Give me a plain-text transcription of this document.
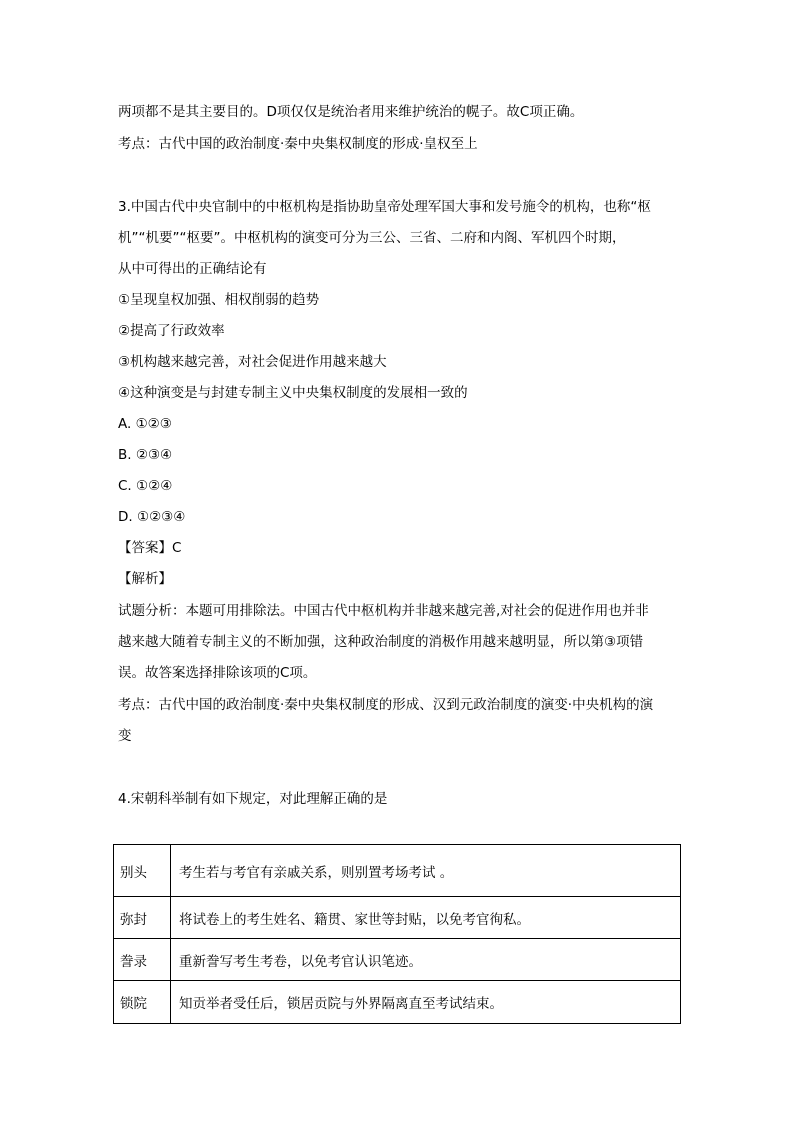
两项都不是其主要目的。D项仅仅是统治者用来维护统治的幌子。故C项正确。
考点：古代中国的政治制度·秦中央集权制度的形成·皇权至上
3.中国古代中央官制中的中枢机构是指协助皇帝处理军国大事和发号施令的机构，也称“枢
机”“机要”“枢要”。中枢机构的演变可分为三公、三省、二府和内阁、军机四个时期，
从中可得出的正确结论有
①呈现皇权加强、相权削弱的趋势
②提高了行政效率
③机构越来越完善，对社会促进作用越来越大
④这种演变是与封建专制主义中央集权制度的发展相一致的
A. ①②③
B. ②③④
C. ①②④
D. ①②③④
【答案】C
【解析】
试题分析：本题可用排除法。中国古代中枢机构并非越来越完善,对社会的促进作用也并非
越来越大随着专制主义的不断加强，这种政治制度的消极作用越来越明显，所以第③项错
误。故答案选择排除该项的C项。
考点：古代中国的政治制度·秦中央集权制度的形成、汉到元政治制度的演变·中央机构的演
变
4.宋朝科举制有如下规定，对此理解正确的是
别头	考生若与考官有亲戚关系，则别置考场考试 。
弥封	将试卷上的考生姓名、籍贯、家世等封贴，以免考官徇私。
誊录	重新誊写考生考卷，以免考官认识笔迹。
锁院	知贡举者受任后，锁居贡院与外界隔离直至考试结束。
